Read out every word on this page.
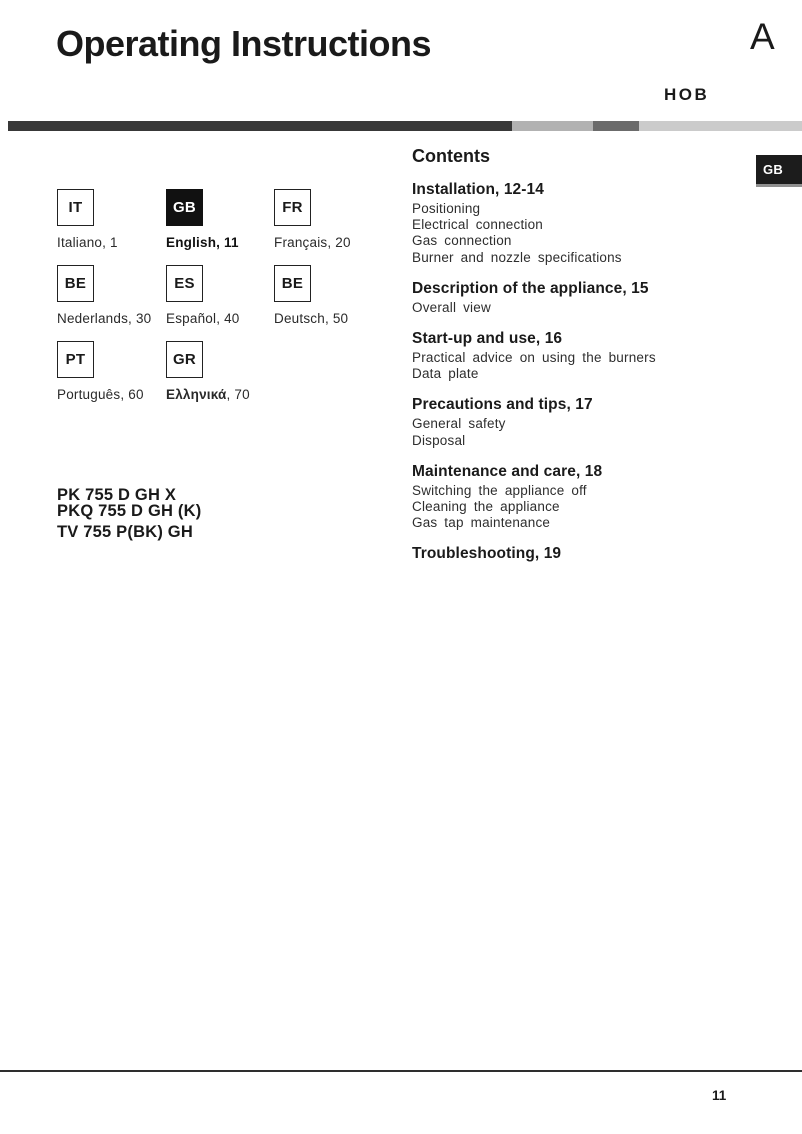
Operating Instructions	A
HOB
GB
IT
Italiano, 1
GB
English, 11
FR
Français, 20
BE
Nederlands, 30
ES
Español, 40
BE
Deutsch, 50
PT
Português, 60
GR
Ελληνικά, 70
PK 755 D GH X
PKQ 755 D GH (K)
TV 755 P(BK) GH
Contents
Installation, 12-14
Positioning
Electrical connection
Gas connection
Burner and nozzle specifications
Description of the appliance, 15
Overall view
Start-up and use, 16
Practical advice on using the burners
Data plate
Precautions and tips, 17
General safety
Disposal
Maintenance and care, 18
Switching the appliance off
Cleaning the appliance
Gas tap maintenance
Troubleshooting, 19
11
